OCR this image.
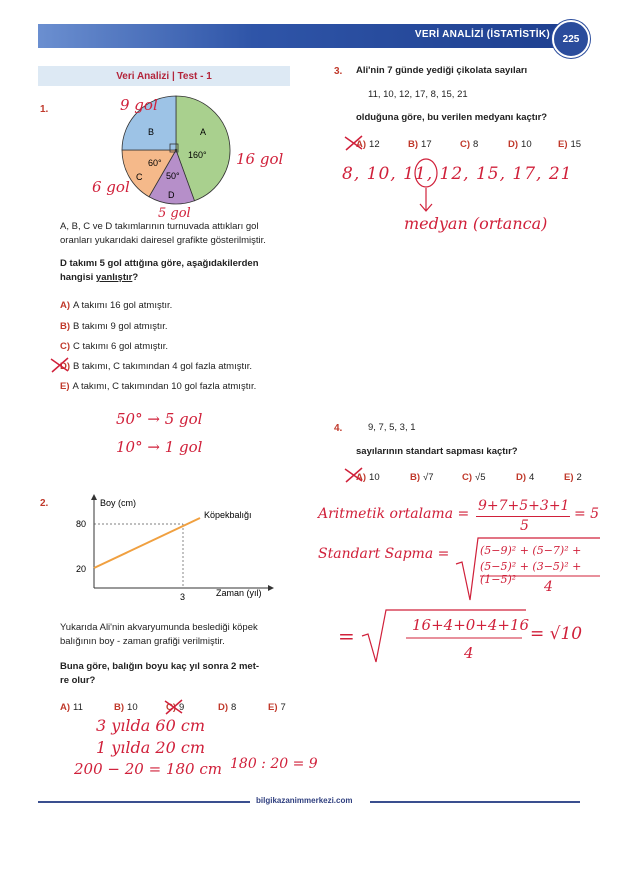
VERİ ANALİZİ (İSTATİSTİK)	225
Veri Analizi | Test - 1
1.
B	A
C
D
160°
60°
50°
9 gol
16 gol
6 gol
5 gol
A, B, C ve D takımlarının turnuvada attıkları gol
oranları yukarıdaki dairesel grafikte gösterilmiştir.
D takımı 5 gol attığına göre, aşağıdakilerden
hangisi yanlıştır?
A) A takımı 16 gol atmıştır.
B) B takımı 9 gol atmıştır.
C) C takımı 6 gol atmıştır.
D) B takımı, C takımından 4 gol fazla atmıştır.
E) A takımı, C takımından 10 gol fazla atmıştır.
50° → 5 gol
10° → 1 gol
2.	Boy (cm)
80
20
3
Köpekbalığı
Zaman (yıl)
Yukarıda Ali'nin akvaryumunda beslediği köpek
balığının boy - zaman grafiği verilmiştir.
Buna göre, balığın boyu kaç yıl sonra 2 met-
re olur?
A) 11	B) 10	C) 9	D) 8	E) 7
3 yılda 60 cm
1 yılda 20 cm
200 − 20 = 180 cm 180 : 20 = 9
3. Ali'nin 7 günde yediği çikolata sayıları
11, 10, 12, 17, 8, 15, 21
olduğuna göre, bu verilen medyanı kaçtır?
A) 12	B) 17	C) 8	D) 10	E) 15
8, 10, 11, 12, 15, 17, 21
medyan (ortanca)
4.	9, 7, 5, 3, 1
sayılarının standart sapması kaçtır?
A) 10	B) √7	C) √5	D) 4	E) 2
Aritmetik ortalama = 9+7+5+3+1
5
= 5
Standart Sapma =	(5−9)² + (5−7)² +
(5−5)² + (3−5)² + (1−5)²	4
=	16+4+0+4+16
4
= √10
bilgikazanimmerkezi.com
